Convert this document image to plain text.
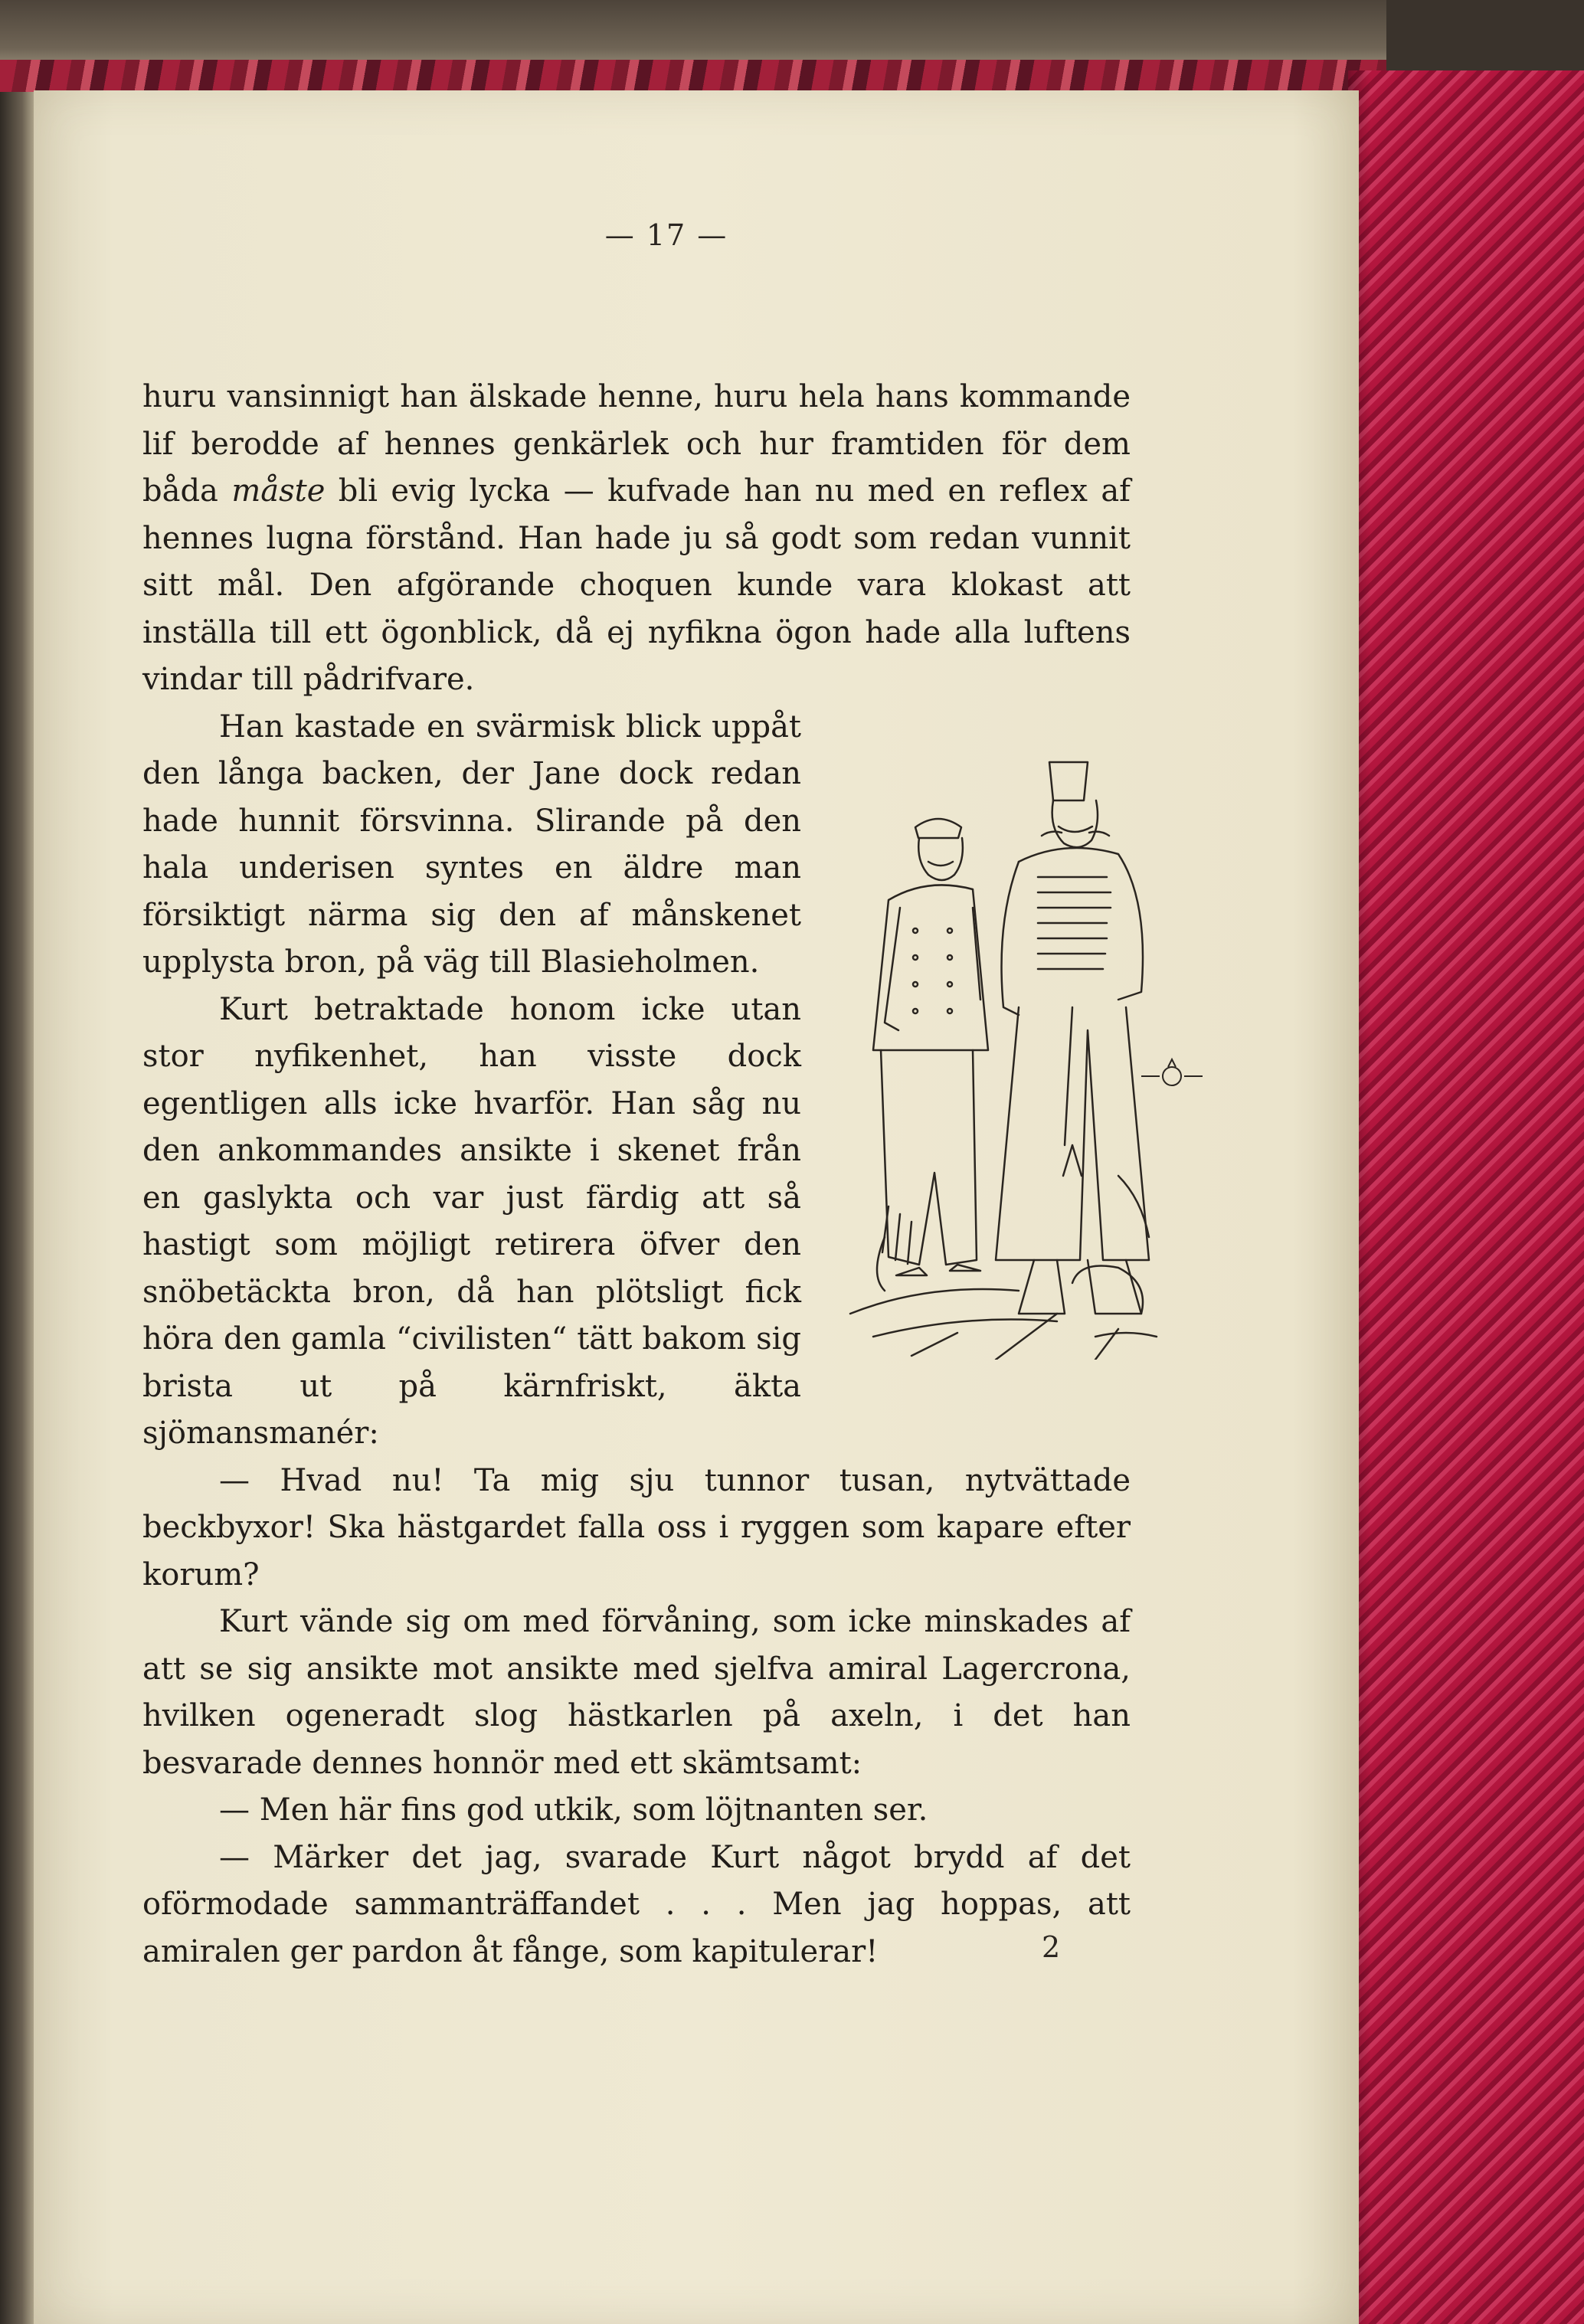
— 17 —

huru vansinnigt han älskade henne, huru hela hans kommande lif berodde af hennes genkärlek och hur framtiden för dem båda måste bli evig lycka — kufvade han nu med en reflex af hennes lugna förstånd. Han hade ju så godt som redan vunnit sitt mål. Den afgörande choquen kunde vara klokast att inställa till ett ögonblick, då ej nyfikna ögon hade alla luftens vindar till pådrifvare.

Han kastade en svärmisk blick uppåt den långa backen, der Jane dock redan hade hunnit försvinna. Slirande på den hala underisen syntes en äldre man försiktigt närma sig den af månskenet upplysta bron, på väg till Blasieholmen.

Kurt betraktade honom icke utan stor nyfikenhet, han visste dock egentligen alls icke hvarför. Han såg nu den ankommandes ansikte i skenet från en gaslykta och var just färdig att så hastigt som möjligt retirera öfver den snöbetäckta bron, då han plötsligt fick höra den gamla “civilisten“ tätt bakom sig brista ut på kärnfriskt, äkta sjömansmanér:

— Hvad nu! Ta mig sju tunnor tusan, nytvättade beckbyxor! Ska hästgardet falla oss i ryggen som kapare efter korum?

Kurt vände sig om med förvåning, som icke minskades af att se sig ansikte mot ansikte med sjelfva amiral Lagercrona, hvilken ogeneradt slog hästkarlen på axeln, i det han besvarade dennes honnör med ett skämtsamt:

— Men här fins god utkik, som löjtnanten ser.

— Märker det jag, svarade Kurt något brydd af det oförmodade sammanträffandet . . . Men jag hoppas, att amiralen ger pardon åt fånge, som kapitulerar!	2
